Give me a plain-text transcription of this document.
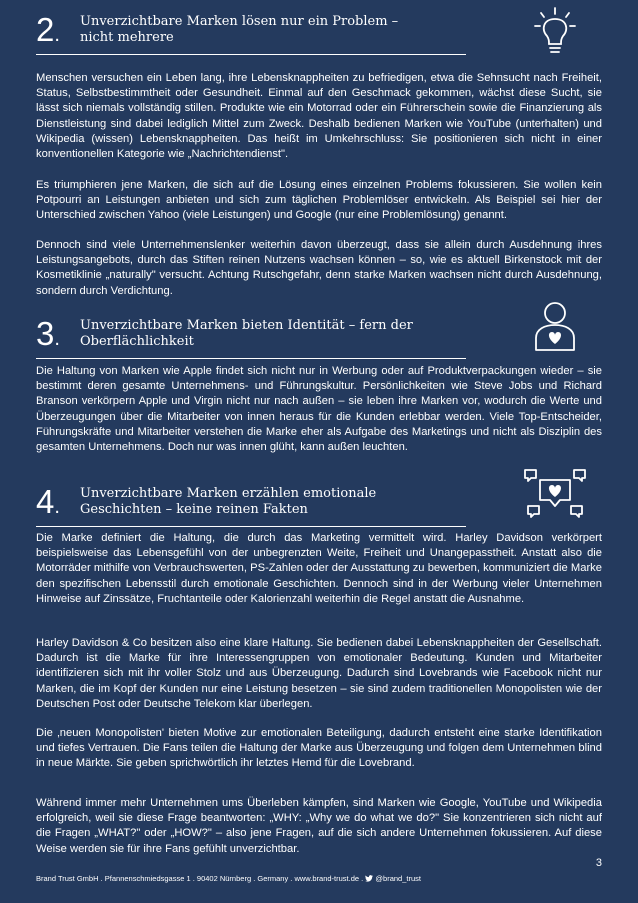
2.
Unverzichtbare Marken lösen nur ein Problem –
nicht mehrere

Menschen versuchen ein Leben lang, ihre Lebensknappheiten zu befriedigen, etwa die Sehnsucht nach Freiheit, Status, Selbstbestimmtheit oder Gesundheit. Einmal auf den Geschmack gekommen, wächst diese Sucht, sie lässt sich niemals vollständig stillen. Produkte wie ein Motorrad oder ein Führerschein sowie die Finanzierung als Dienstleistung sind dabei lediglich Mittel zum Zweck. Deshalb bedienen Marken wie YouTube (unterhalten) und Wikipedia (wissen) Lebensknappheiten. Das heißt im Umkehrschluss: Sie positionieren sich nicht in einer konventionellen Kategorie wie „Nachrichtendienst".

Es triumphieren jene Marken, die sich auf die Lösung eines einzelnen Problems fokussieren. Sie wollen kein Potpourri an Leistungen anbieten und sich zum täglichen Problemlöser entwickeln. Als Beispiel sei hier der Unterschied zwischen Yahoo (viele Leistungen) und Google (nur eine Problemlösung) genannt.

Dennoch sind viele Unternehmenslenker weiterhin davon überzeugt, dass sie allein durch Ausdehnung ihres Leistungsangebots, durch das Stiften reinen Nutzens wachsen können – so, wie es aktuell Birkenstock mit der Kosmetiklinie „naturally" versucht. Achtung Rutschgefahr, denn starke Marken wachsen nicht durch Ausdehnung, sondern durch Verdichtung.

3.
Unverzichtbare Marken bieten Identität – fern der
Oberflächlichkeit

Die Haltung von Marken wie Apple findet sich nicht nur in Werbung oder auf Produktverpackungen wieder – sie bestimmt deren gesamte Unternehmens- und Führungskultur. Persönlichkeiten wie Steve Jobs und Richard Branson verkörpern Apple und Virgin nicht nur nach außen – sie leben ihre Marken vor, wodurch die Werte und Überzeugungen über die Mitarbeiter von innen heraus für die Kunden erlebbar werden. Viele Top-Entscheider, Führungskräfte und Mitarbeiter verstehen die Marke eher als Aufgabe des Marketings und nicht als Disziplin des gesamten Unternehmens. Doch nur was innen glüht, kann außen leuchten.

4.
Unverzichtbare Marken erzählen emotionale
Geschichten – keine reinen Fakten

Die Marke definiert die Haltung, die durch das Marketing vermittelt wird. Harley Davidson verkörpert beispielsweise das Lebensgefühl von der unbegrenzten Weite, Freiheit und Unangepasstheit. Anstatt also die Motorräder mithilfe von Verbrauchswerten, PS-Zahlen oder der Ausstattung zu bewerben, kommuniziert die Marke den spezifischen Lebensstil durch emotionale Geschichten. Dennoch sind in der Werbung vieler Unternehmen Hinweise auf Zinssätze, Fruchtanteile oder Kalorienzahl weiterhin die Regel anstatt die Ausnahme.

Harley Davidson & Co besitzen also eine klare Haltung. Sie bedienen dabei Lebensknappheiten der Gesellschaft. Dadurch ist die Marke für ihre Interessengruppen von emotionaler Bedeutung. Kunden und Mitarbeiter identifizieren sich mit ihr voller Stolz und aus Überzeugung. Dadurch sind Lovebrands wie Facebook nicht nur Marken, die im Kopf der Kunden nur eine Leistung besetzen – sie sind zudem traditionellen Monopolisten wie der Deutschen Post oder Deutsche Telekom klar überlegen.

Die ‚neuen Monopolisten' bieten Motive zur emotionalen Beteiligung, dadurch entsteht eine starke Identifikation und tiefes Vertrauen. Die Fans teilen die Haltung der Marke aus Überzeugung und folgen dem Unternehmen blind in neue Märkte. Sie geben sprichwörtlich ihr letztes Hemd für die Lovebrand.

Während immer mehr Unternehmen ums Überleben kämpfen, sind Marken wie Google, YouTube und Wikipedia erfolgreich, weil sie diese Frage beantworten: „WHY: „Why we do what we do?" Sie konzentrieren sich nicht auf die Fragen „WHAT?" oder „HOW?" – also jene Fragen, auf die sich andere Unternehmen fokussieren. Auf diese Weise werden sie für ihre Fans gefühlt unverzichtbar.

3
Brand Trust GmbH . Pfannenschmiedsgasse 1 . 90402 Nürnberg . Germany . www.brand-trust.de .  @brand_trust
